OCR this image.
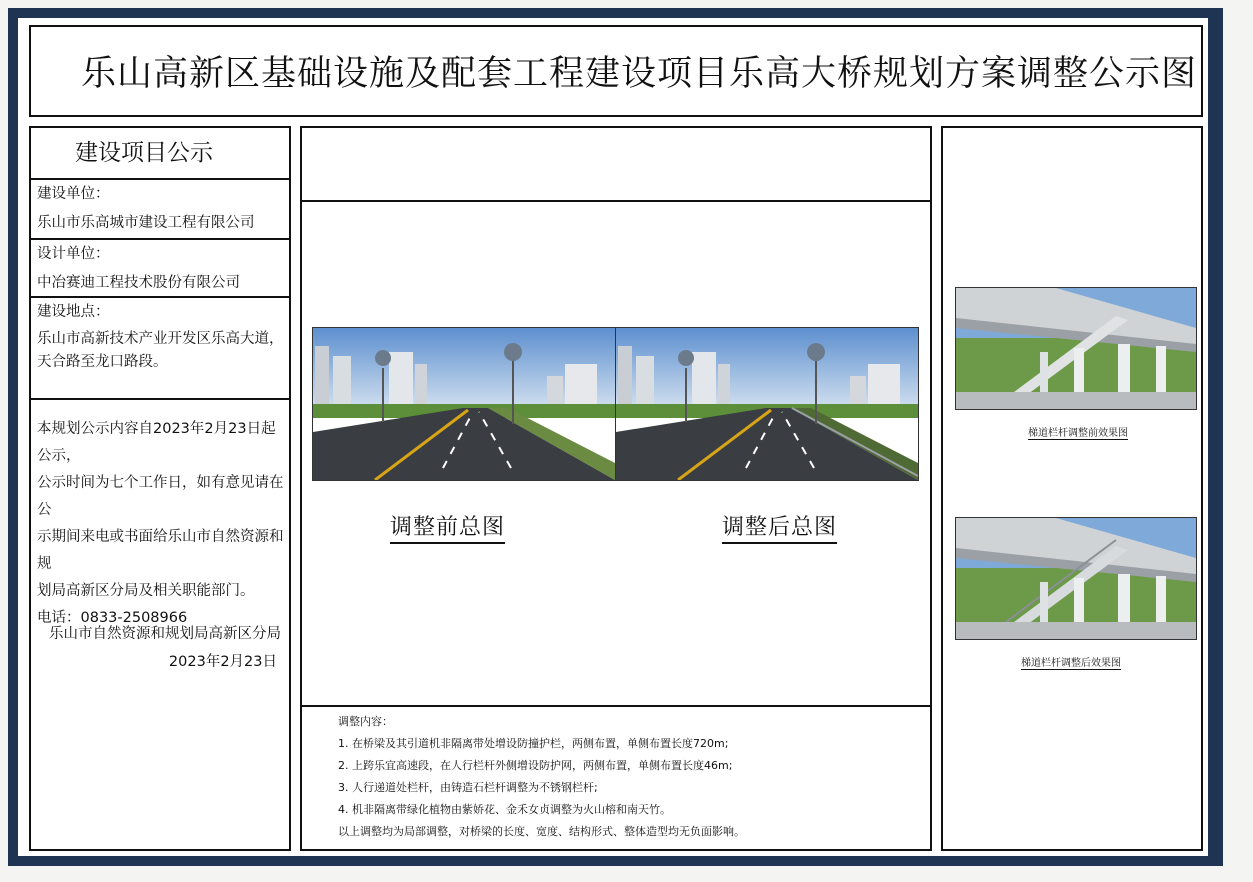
乐山高新区基础设施及配套工程建设项目乐高大桥规划方案调整公示图
建设项目公示
建设单位：
乐山市乐高城市建设工程有限公司
设计单位：
中冶赛迪工程技术股份有限公司
建设地点：
乐山市高新技术产业开发区乐高大道，
天合路至龙口路段。
本规划公示内容自2023年2月23日起公示，
公示时间为七个工作日，如有意见请在公
示期间来电或书面给乐山市自然资源和规
划局高新区分局及相关职能部门。
电话：0833-2508966
乐山市自然资源和规划局高新区分局
2023年2月23日
调整前总图	调整后总图
调整内容：
1. 在桥梁及其引道机非隔离带处增设防撞护栏，两侧布置，单侧布置长度720m;
2. 上跨乐宜高速段，在人行栏杆外侧增设防护网，两侧布置，单侧布置长度46m;
3. 人行递道处栏杆，由铸造石栏杆调整为不锈钢栏杆;
4. 机非隔离带绿化植物由紫娇花、金禾女贞调整为火山榕和南天竹。
以上调整均为局部调整，对桥梁的长度、宽度、结构形式、整体造型均无负面影响。
梯道栏杆调整前效果图
梯道栏杆调整后效果图
